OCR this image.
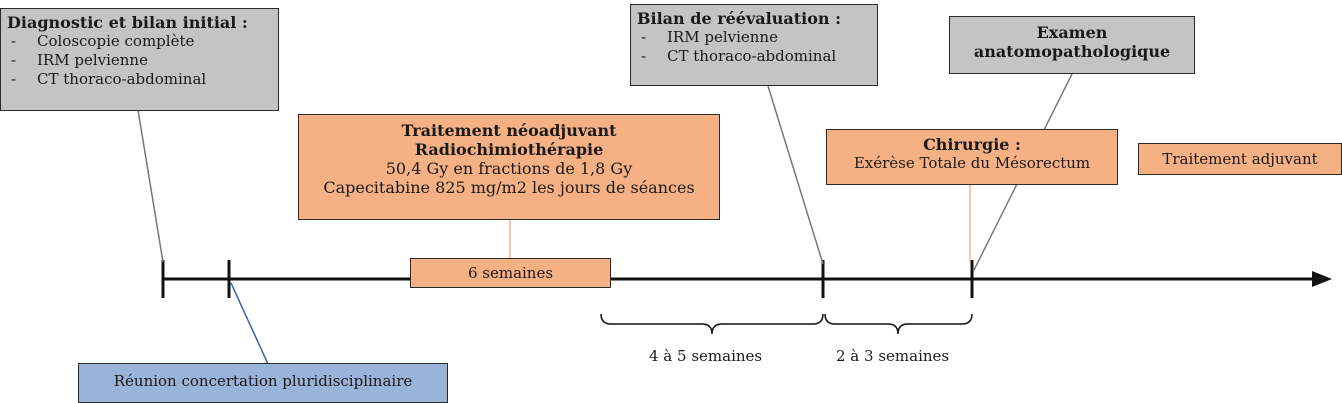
Diagnostic et bilan initial :
- Coloscopie complète
- IRM pelvienne
- CT thoraco-abdominal
Bilan de réévaluation :
- IRM pelvienne
- CT thoraco-abdominal
Examen
anatomopathologique
Traitement néoadjuvant
Radiochimiothérapie
50,4 Gy en fractions de 1,8 Gy
Capecitabine 825 mg/m2 les jours de séances
Chirurgie :
Exérèse Totale du Mésorectum	Traitement adjuvant
6 semaines
4 à 5 semaines	2 à 3 semaines
Réunion concertation pluridisciplinaire
